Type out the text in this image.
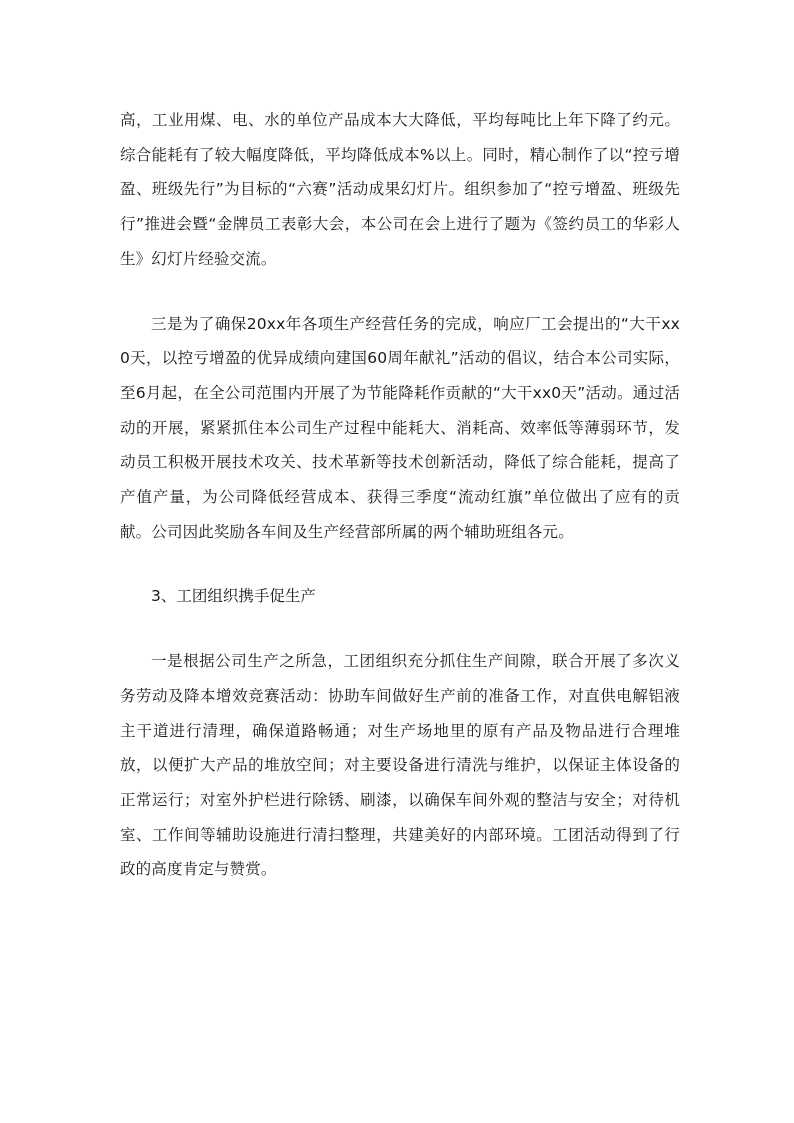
高，工业用煤、电、水的单位产品成本大大降低，平均每吨比上年下降了约元。综合能耗有了较大幅度降低，平均降低成本%以上。同时，精心制作了以“控亏增盈、班级先行”为目标的“六赛”活动成果幻灯片。组织参加了“控亏增盈、班级先行”推进会暨“金牌员工表彰大会，本公司在会上进行了题为《签约员工的华彩人生》幻灯片经验交流。

三是为了确保20xx年各项生产经营任务的完成，响应厂工会提出的“大干xx0天，以控亏增盈的优异成绩向建国60周年献礼”活动的倡议，结合本公司实际，至6月起，在全公司范围内开展了为节能降耗作贡献的“大干xx0天”活动。通过活动的开展，紧紧抓住本公司生产过程中能耗大、消耗高、效率低等薄弱环节，发动员工积极开展技术攻关、技术革新等技术创新活动，降低了综合能耗，提高了产值产量，为公司降低经营成本、获得三季度“流动红旗”单位做出了应有的贡献。公司因此奖励各车间及生产经营部所属的两个辅助班组各元。

3、工团组织携手促生产

一是根据公司生产之所急，工团组织充分抓住生产间隙，联合开展了多次义务劳动及降本增效竞赛活动：协助车间做好生产前的准备工作，对直供电解铝液主干道进行清理，确保道路畅通；对生产场地里的原有产品及物品进行合理堆放，以便扩大产品的堆放空间；对主要设备进行清洗与维护，以保证主体设备的正常运行；对室外护栏进行除锈、刷漆，以确保车间外观的整洁与安全；对待机室、工作间等辅助设施进行清扫整理，共建美好的内部环境。工团活动得到了行政的高度肯定与赞赏。
